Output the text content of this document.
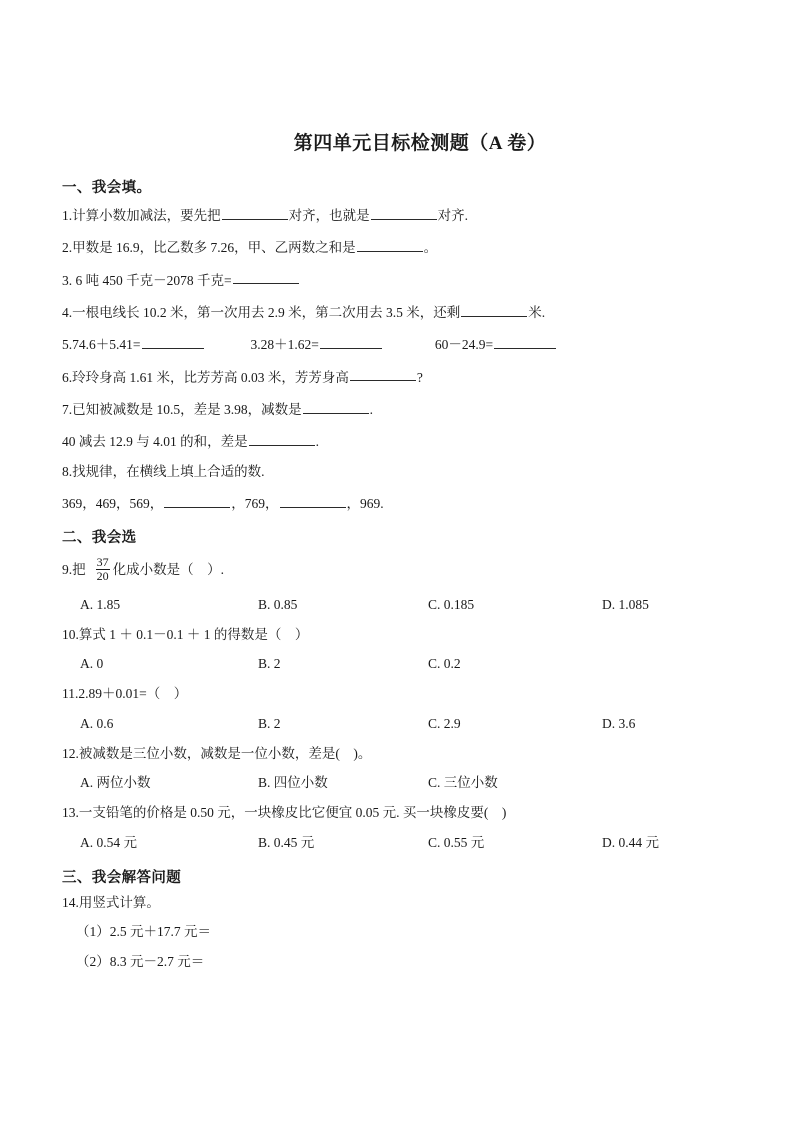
第四单元目标检测题（A 卷）
一、我会填。
1.计算小数加减法，要先把	对齐，也就是	对齐.
2.甲数是 16.9，比乙数多 7.26，甲、乙两数之和是	。
3. 6 吨 450 千克－2078 千克=
4.一根电线长 10.2 米，第一次用去 2.9 米，第二次用去 3.5 米，还剩	米.
5.74.6＋5.41=	3.28＋1.62=	60－24.9=
6.玲玲身高 1.61 米，比芳芳高 0.03 米，芳芳身高	?
7.已知被减数是 10.5，差是 3.98，减数是	.
40 减去 12.9 与 4.01 的和，差是	.
8.找规律，在横线上填上合适的数.
369，469，569，	，769，	，969.
二、我会选
9.把 $\frac{37}{20}$ 化成小数是（　）.
A. 1.85	B. 0.85	C. 0.185	D. 1.085
10.算式 1 ＋ 0.1－0.1 ＋ 1 的得数是（　）
A. 0	B. 2	C. 0.2
11.2.89＋0.01=（　）
A. 0.6	B. 2	C. 2.9	D. 3.6
12.被减数是三位小数，减数是一位小数，差是(　)。
A. 两位小数	B. 四位小数	C. 三位小数
13.一支铅笔的价格是 0.50 元，一块橡皮比它便宜 0.05 元. 买一块橡皮要(　)
A. 0.54 元	B. 0.45 元	C. 0.55 元	D. 0.44 元
三、我会解答问题
14.用竖式计算。
（1）2.5 元＋17.7 元＝
（2）8.3 元－2.7 元＝
